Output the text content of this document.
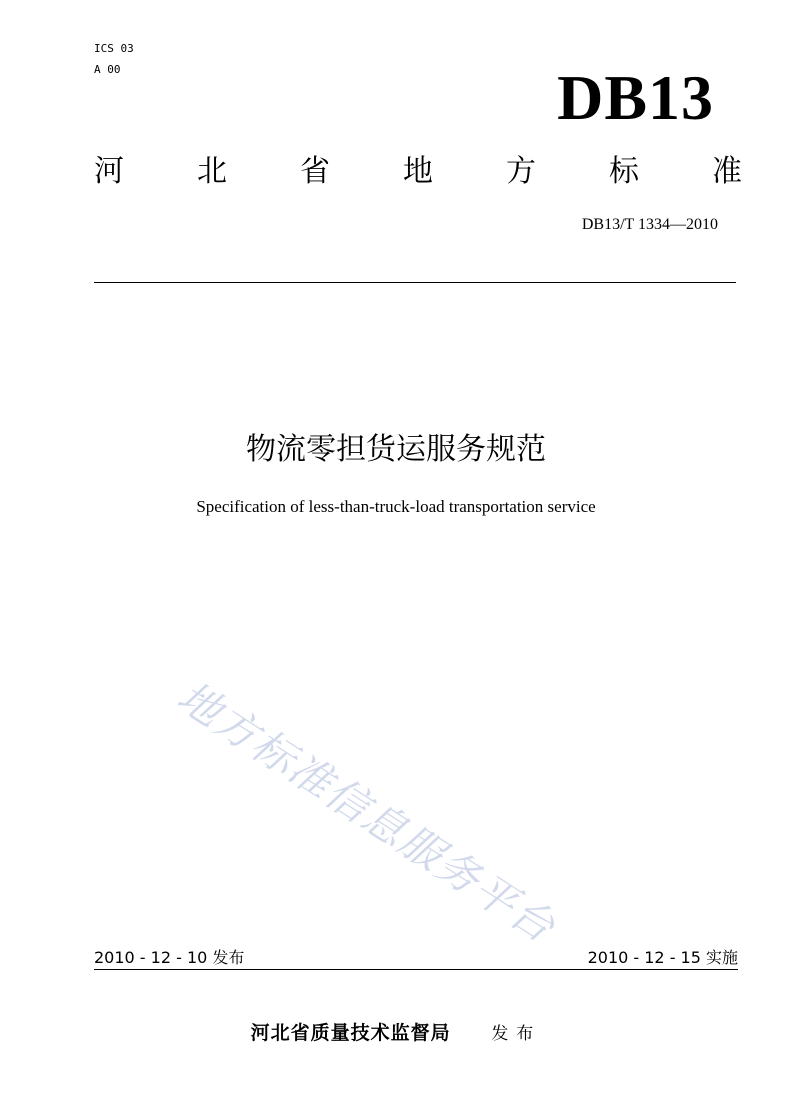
ICS 03
A 00	DB13
河 北 省 地 方 标 准
DB13/T 1334—2010
物流零担货运服务规范
Specification of less-than-truck-load transportation service
地方标准信息服务平台
2010 - 12 - 10 发布	2010 - 12 - 15 实施
河北省质量技术监督局 发布
